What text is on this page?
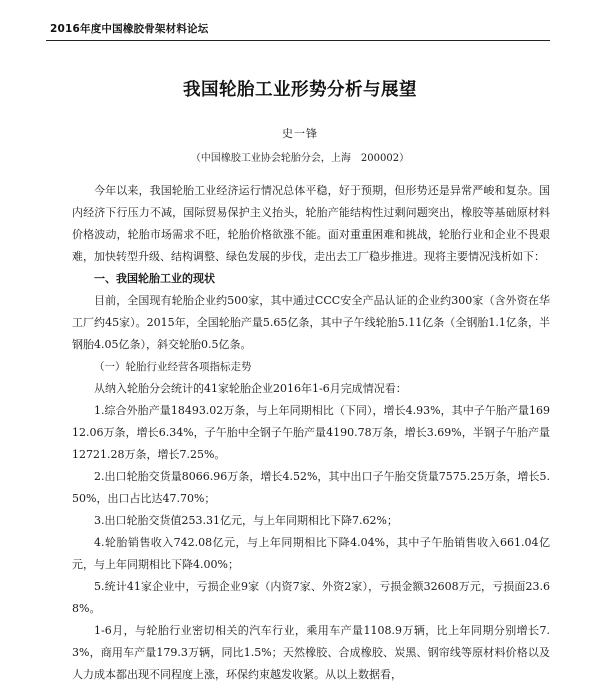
2016年度中国橡胶骨架材料论坛
我国轮胎工业形势分析与展望
史一锋
（中国橡胶工业协会轮胎分会，上海　200002）

今年以来，我国轮胎工业经济运行情况总体平稳，好于预期，但形势还是异常严峻和复杂。国内经济下行压力不减，国际贸易保护主义抬头，轮胎产能结构性过剩问题突出，橡胶等基础原材料价格波动，轮胎市场需求不旺，轮胎价格欲涨不能。面对重重困难和挑战，轮胎行业和企业不畏艰难，加快转型升级、结构调整、绿色发展的步伐，走出去工厂稳步推进。现将主要情况浅析如下：

一、我国轮胎工业的现状

目前，全国现有轮胎企业约500家，其中通过CCC安全产品认证的企业约300家（含外资在华工厂约45家）。2015年，全国轮胎产量5.65亿条，其中子午线轮胎5.11亿条（全钢胎1.1亿条，半钢胎4.05亿条），斜交轮胎0.5亿条。

（一）轮胎行业经营各项指标走势

从纳入轮胎分会统计的41家轮胎企业2016年1-6月完成情况看：

1.综合外胎产量18493.02万条，与上年同期相比（下同），增长4.93%，其中子午胎产量16912.06万条，增长6.34%，子午胎中全钢子午胎产量4190.78万条，增长3.69%，半钢子午胎产量12721.28万条，增长7.25%。

2.出口轮胎交货量8066.96万条，增长4.52%，其中出口子午胎交货量7575.25万条，增长5.50%，出口占比达47.70%；

3.出口轮胎交货值253.31亿元，与上年同期相比下降7.62%；

4.轮胎销售收入742.08亿元，与上年同期相比下降4.04%，其中子午胎销售收入661.04亿元，与上年同期相比下降4.00%；

5.统计41家企业中，亏损企业9家（内资7家、外资2家），亏损金额32608万元，亏损面23.68%。

1-6月，与轮胎行业密切相关的汽车行业，乘用车产量1108.9万辆，比上年同期分别增长7.3%，商用车产量179.3万辆，同比1.5%；天然橡胶、合成橡胶、炭黑、钢帘线等原材料价格以及人力成本都出现不同程度上涨，环保约束越发收紧。从以上数据看，
